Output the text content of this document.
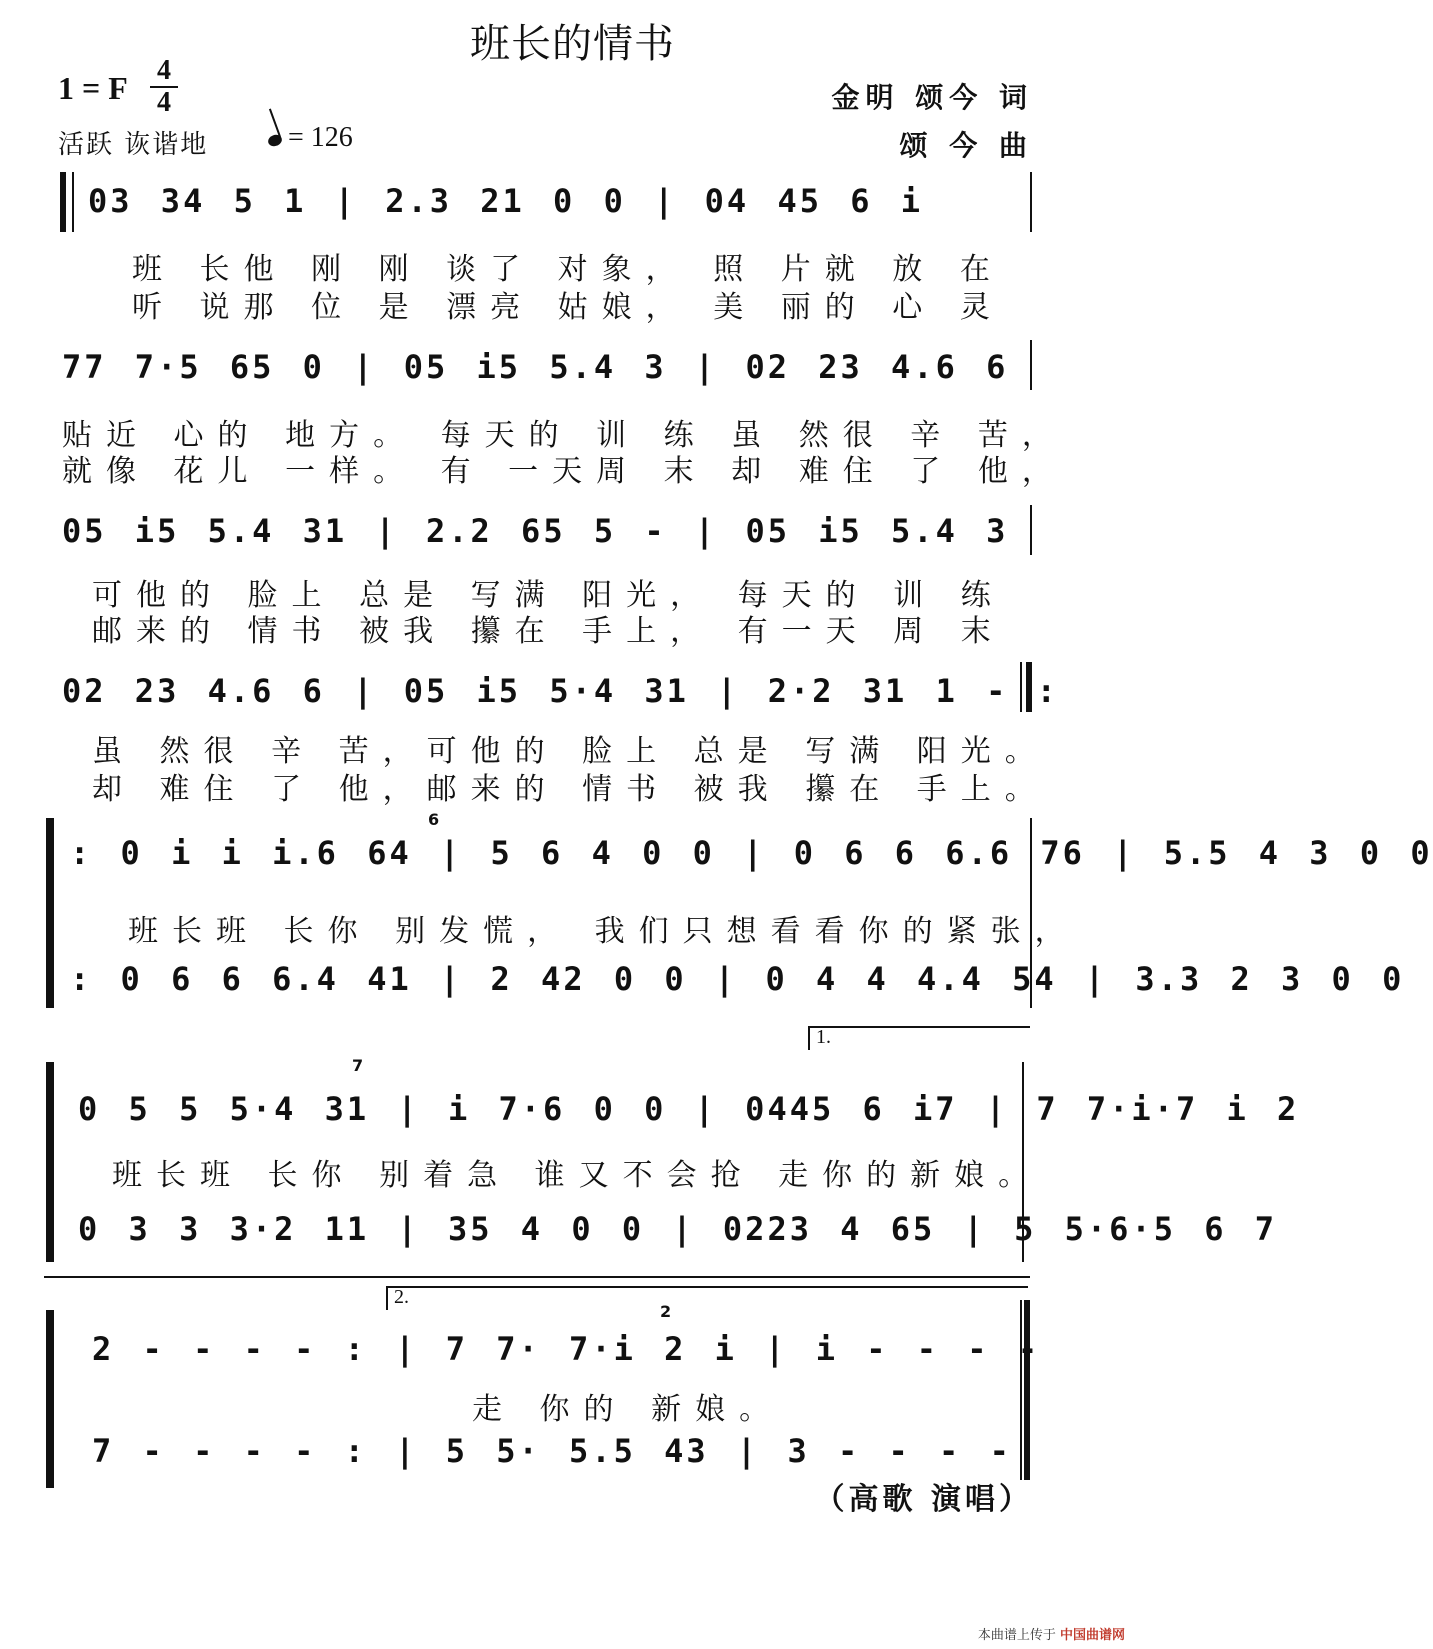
班长的情书
1 = F 4
4
活跃 诙谐地	= 126
金明 颂今 词
颂 今 曲
03 34 5 1 | 2.3 21 0 0 | 04 45 6 i
班 长他 刚 刚 谈了 对象， 照 片就 放 在
听 说那 位 是 漂亮 姑娘， 美 丽的 心 灵
77 7·5 65 0 | 05 i5 5.4 3 | 02 23 4.6 6
贴近 心的 地方。 每天的 训 练 虽 然很 辛 苦，
就像 花儿 一样。 有 一天周 末 却 难住 了 他，
05 i5 5.4 31 | 2.2 65 5 - | 05 i5 5.4 3
可他的 脸上 总是 写满 阳光， 每天的 训 练
邮来的 情书 被我 攥在 手上， 有一天 周 末
02 23 4.6 6 | 05 i5 5·4 31 | 2·2 31 1 - :
虽 然很 辛 苦，可他的 脸上 总是 写满 阳光。
却 难住 了 他，邮来的 情书 被我 攥在 手上。
6
: 0 i i i.6 64 | 5 6 4 0 0 | 0 6 6 6.6 76 | 5.5 4 3 0 0
班长班 长你 别发慌， 我们只想看看你的紧张，
: 0 6 6 6.4 41 | 2 42 0 0 | 0 4 4 4.4 54 | 3.3 2 3 0 0
1.
7
0 5 5 5·4 31 | i 7·6 0 0 | 0445 6 i7 | 7 7·i·7 i 2
班长班 长你 别着急 谁又不会抢 走你的新娘。
0 3 3 3·2 11 | 35 4 0 0 | 0223 4 65 | 5 5·6·5 6 7
2.
2
2 - - - - : | 7 7· 7·i 2 i | i - - - -
走 你的 新娘。
7 - - - - : | 5 5· 5.5 43 | 3 - - - -
（高歌 演唱）
本曲谱上传于 中国曲谱网
